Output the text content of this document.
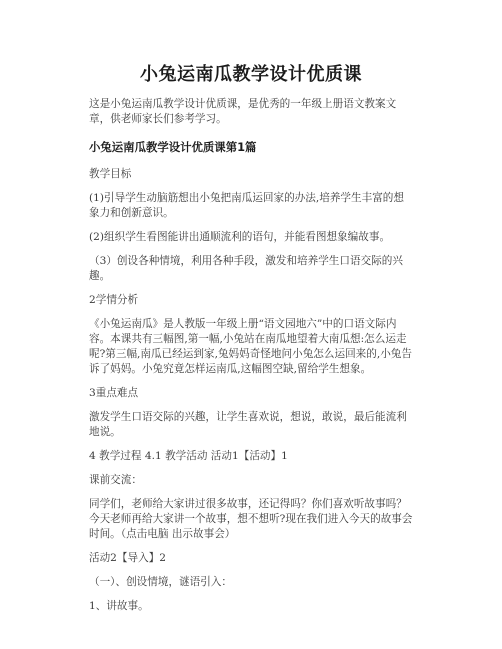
小兔运南瓜教学设计优质课

这是小兔运南瓜教学设计优质课，是优秀的一年级上册语文教案文章，供老师家长们参考学习。

小兔运南瓜教学设计优质课第1篇

教学目标

(1)引导学生动脑筋想出小兔把南瓜运回家的办法,培养学生丰富的想象力和创新意识。

(2)组织学生看图能讲出通顺流利的语句，并能看图想象编故事。

（3）创设各种情境，利用各种手段，激发和培养学生口语交际的兴趣。

2学情分析

《小兔运南瓜》是人教版一年级上册“语文园地六”中的口语文际内容。本课共有三幅图,第一幅,小兔站在南瓜地望着大南瓜想:怎么运走呢?第三幅,南瓜已经运到家,兔妈妈奇怪地问小兔怎么运回来的,小兔告诉了妈妈。小兔究竟怎样运南瓜,这幅图空缺,留给学生想象。

3重点难点

激发学生口语交际的兴趣，让学生喜欢说，想说，敢说，最后能流利地说。

4 教学过程 4.1 教学活动 活动1【活动】1

课前交流：

同学们，老师给大家讲过很多故事，还记得吗？你们喜欢听故事吗？今天老师再给大家讲一个故事，想不想听?现在我们进入今天的故事会时间。（点击电脑 出示故事会）

活动2【导入】2

（一）、创设情境，谜语引入：

1、讲故事。
